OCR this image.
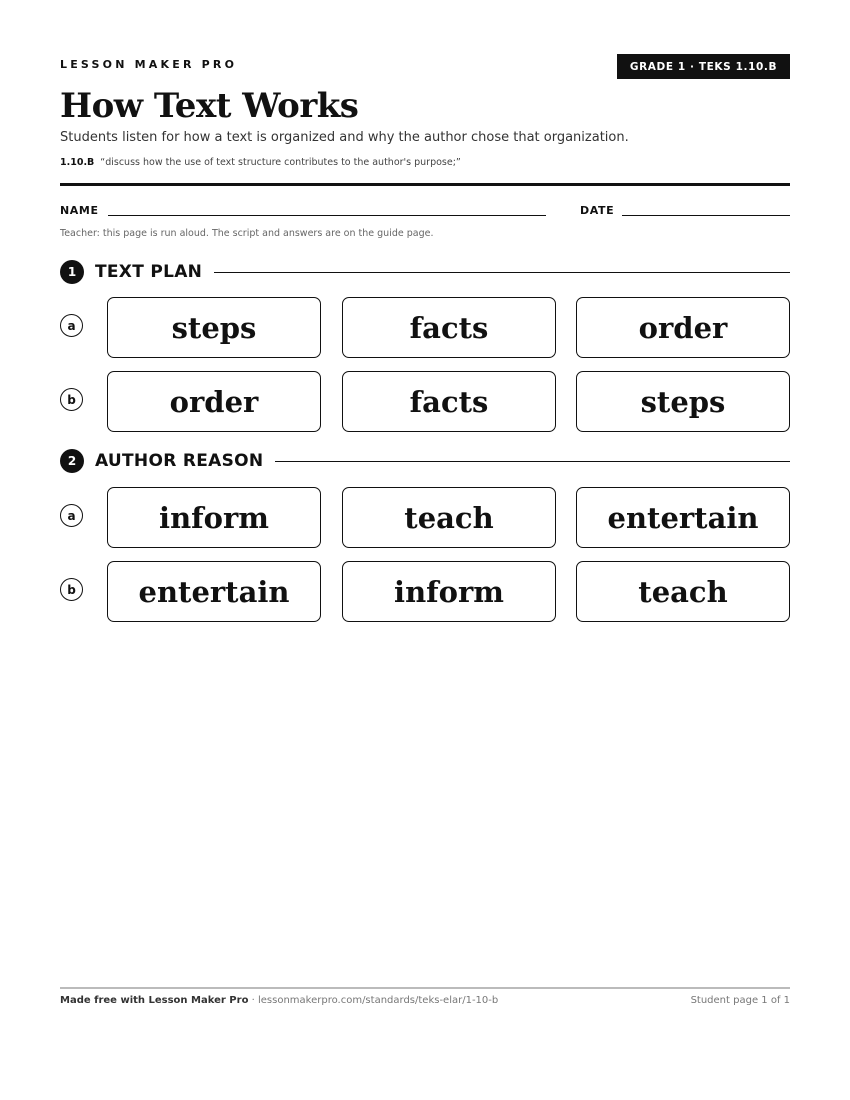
LESSON MAKER PRO	GRADE 1 · TEKS 1.10.B
How Text Works
Students listen for how a text is organized and why the author chose that organization.
1.10.B “discuss how the use of text structure contributes to the author's purpose;”
NAME	DATE
Teacher: this page is run aloud. The script and answers are on the guide page.
1	TEXT PLAN
a	steps	facts	order
b	order	facts	steps
2	AUTHOR REASON
a	inform	teach	entertain
b	entertain	inform	teach
Made free with Lesson Maker Pro · lessonmakerpro.com/standards/teks-elar/1-10-b	Student page 1 of 1
